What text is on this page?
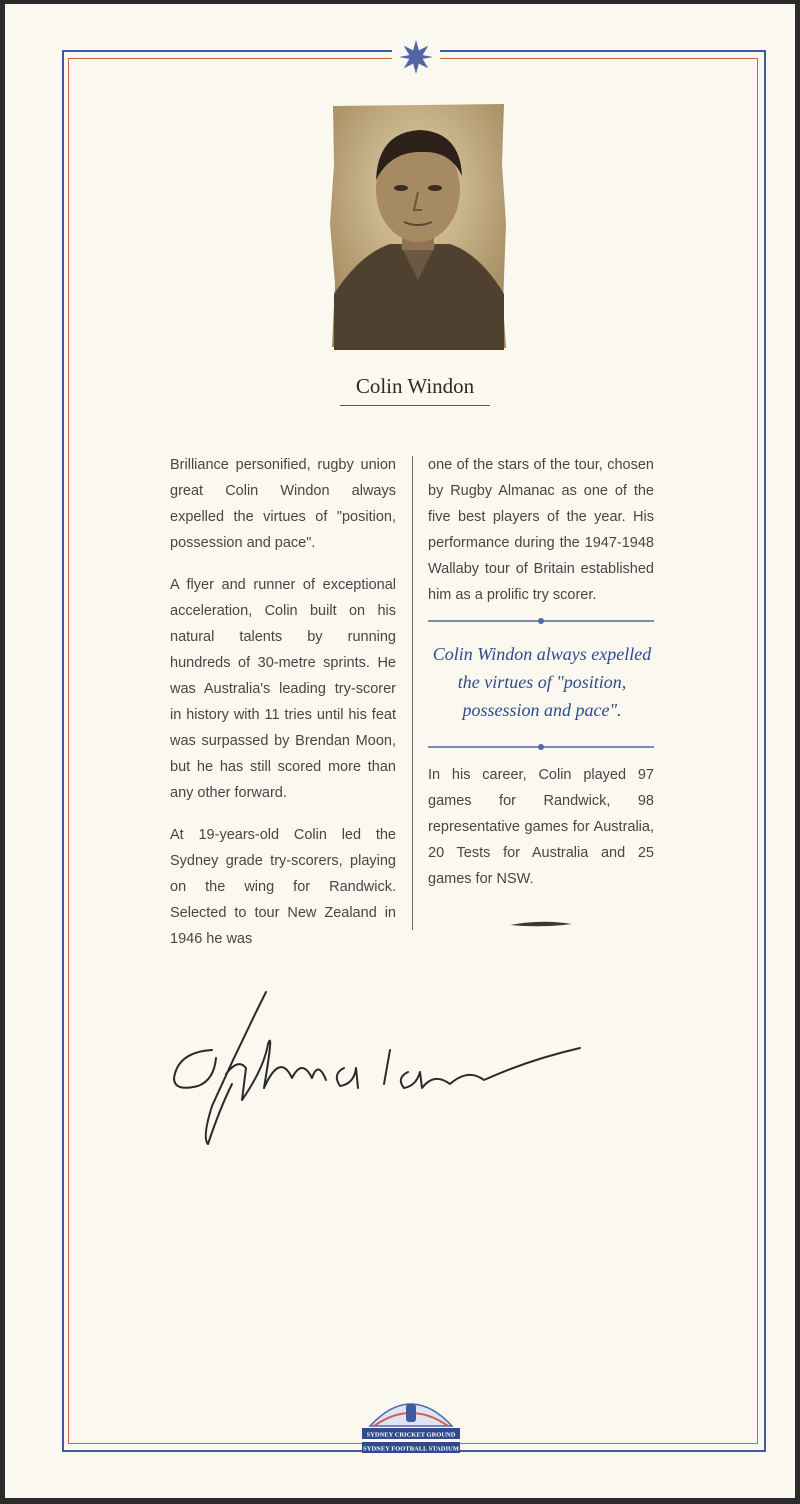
Colin Windon

Brilliance personified, rugby union great Colin Windon always expelled the virtues of "position, possession and pace".

A flyer and runner of exceptional acceleration, Colin built on his natural talents by running hundreds of 30-metre sprints. He was Australia's leading try-scorer in history with 11 tries until his feat was surpassed by Brendan Moon, but he has still scored more than any other forward.

At 19-years-old Colin led the Sydney grade try-scorers, playing on the wing for Randwick. Selected to tour New Zealand in 1946 he was

one of the stars of the tour, chosen by Rugby Almanac as one of the five best players of the year. His performance during the 1947-1948 Wallaby tour of Britain established him as a prolific try scorer.

Colin Windon always expelled the virtues of "position, possession and pace".

In his career, Colin played 97 games for Randwick, 98 representative games for Australia, 20 Tests for Australia and 25 games for NSW.

SYDNEY CRICKET GROUND
SYDNEY FOOTBALL STADIUM
